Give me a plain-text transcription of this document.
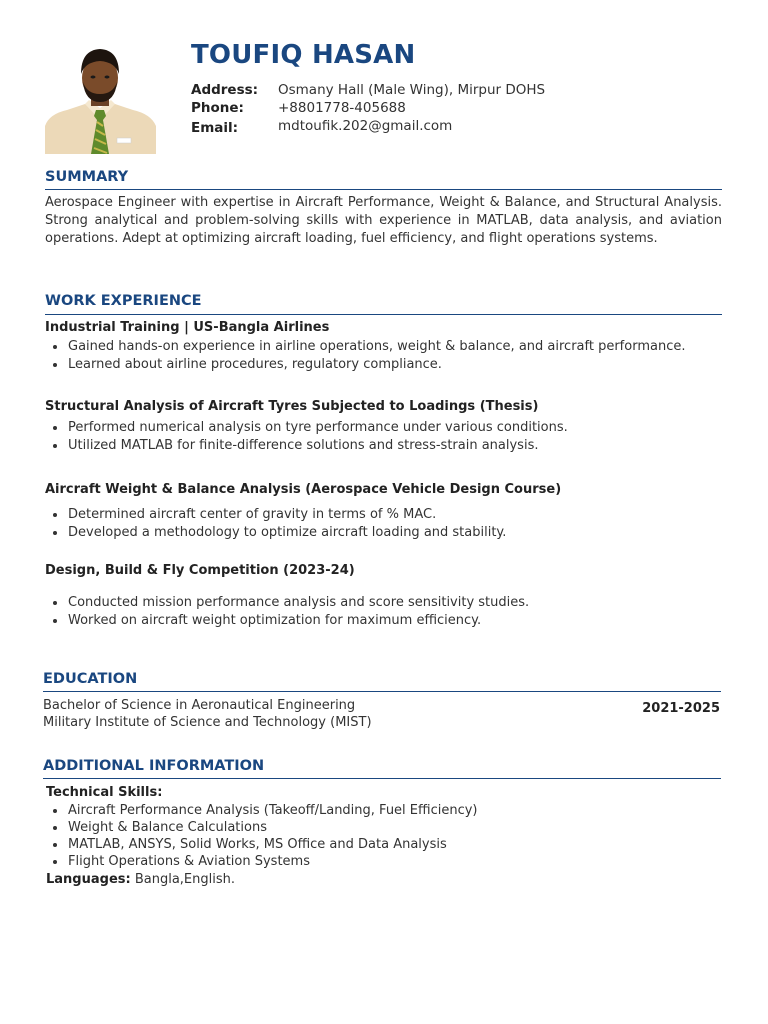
TOUFIQ HASAN
Address: Osmany Hall (Male Wing), Mirpur DOHS
Phone:	+8801778-405688
Email:	mdtoufik.202@gmail.com
SUMMARY
Aerospace Engineer with expertise in Aircraft Performance, Weight & Balance, and Structural Analysis. Strong analytical and problem-solving skills with experience in MATLAB, data analysis, and aviation operations. Adept at optimizing aircraft loading, fuel efficiency, and flight operations systems.
WORK EXPERIENCE
Industrial Training | US-Bangla Airlines
Gained hands-on experience in airline operations, weight & balance, and aircraft performance.
Learned about airline procedures, regulatory compliance.
Structural Analysis of Aircraft Tyres Subjected to Loadings (Thesis)
Performed numerical analysis on tyre performance under various conditions.
Utilized MATLAB for finite-difference solutions and stress-strain analysis.
Aircraft Weight & Balance Analysis (Aerospace Vehicle Design Course)
Determined aircraft center of gravity in terms of % MAC.
Developed a methodology to optimize aircraft loading and stability.
Design, Build & Fly Competition (2023-24)
Conducted mission performance analysis and score sensitivity studies.
Worked on aircraft weight optimization for maximum efficiency.
EDUCATION
Bachelor of Science in Aeronautical Engineering
Military Institute of Science and Technology (MIST)
2021-2025
ADDITIONAL INFORMATION
Technical Skills:
Aircraft Performance Analysis (Takeoff/Landing, Fuel Efficiency)
Weight & Balance Calculations
MATLAB, ANSYS, Solid Works, MS Office and Data Analysis
Flight Operations & Aviation Systems
Languages: Bangla,English.
